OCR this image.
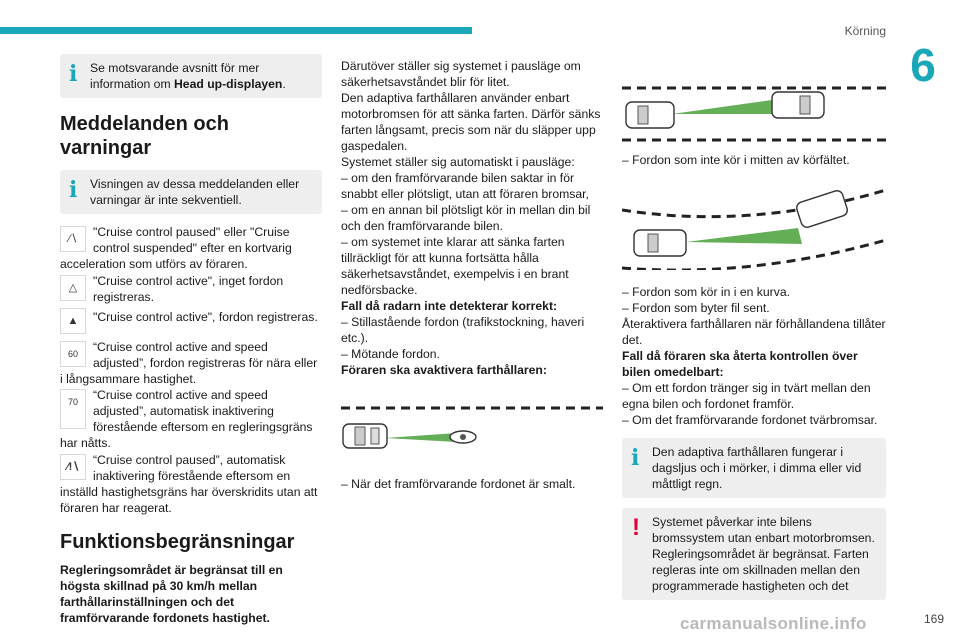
Körning
6
i Se motsvarande avsnitt för mer information om Head up-displayen.

Meddelanden och varningar
i Visningen av dessa meddelanden eller varningar är inte sekventiell.

∕∖	"Cruise control paused" eller "Cruise control suspended" efter en kortvarig acceleration som utförs av föraren.

△	"Cruise control active", inget fordon registreras.

▲	"Cruise control active", fordon registreras.

60	“Cruise control active and speed adjusted”, fordon registreras för nära eller i långsammare hastighet.

70	“Cruise control active and speed adjusted”, automatisk inaktivering förestående eftersom en regleringsgräns har nåtts.

∕!∖	“Cruise control paused”, automatisk inaktivering förestående eftersom en inställd hastighetsgräns har överskridits utan att föraren har reagerat.

Funktionsbegränsningar

Regleringsområdet är begränsat till en högsta skillnad på 30 km/h mellan farthållarinställningen och det framförvarande fordonets hastighet.

Därutöver ställer sig systemet i pausläge om säkerhetsavståndet blir för litet.

Den adaptiva farthållaren använder enbart motorbromsen för att sänka farten. Därför sänks farten långsamt, precis som när du släpper upp gaspedalen.

Systemet ställer sig automatiskt i pausläge:

– om den framförvarande bilen saktar in för snabbt eller plötsligt, utan att föraren bromsar,

– om en annan bil plötsligt kör in mellan din bil och den framförvarande bilen.

– om systemet inte klarar att sänka farten tillräckligt för att kunna fortsätta hålla säkerhetsavståndet, exempelvis i en brant nedförsbacke.

Fall då radarn inte detekterar korrekt:

– Stillastående fordon (trafikstockning, haveri etc.).

– Mötande fordon.

Föraren ska avaktivera farthållaren:

– När det framförvarande fordonet är smalt.

– Fordon som inte kör i mitten av körfältet.

– Fordon som kör in i en kurva.

– Fordon som byter fil sent.

Återaktivera farthållaren när förhållandena tillåter det.

Fall då föraren ska återta kontrollen över bilen omedelbart:

– Om ett fordon tränger sig in tvärt mellan den egna bilen och fordonet framför.

– Om det framförvarande fordonet tvärbromsar.

i Den adaptiva farthållaren fungerar i dagsljus och i mörker, i dimma eller vid måttligt regn.

! Systemet påverkar inte bilens bromssystem utan enbart motorbromsen. Regleringsområdet är begränsat. Farten regleras inte om skillnaden mellan den programmerade hastigheten och det

carmanualsonline.info	169
